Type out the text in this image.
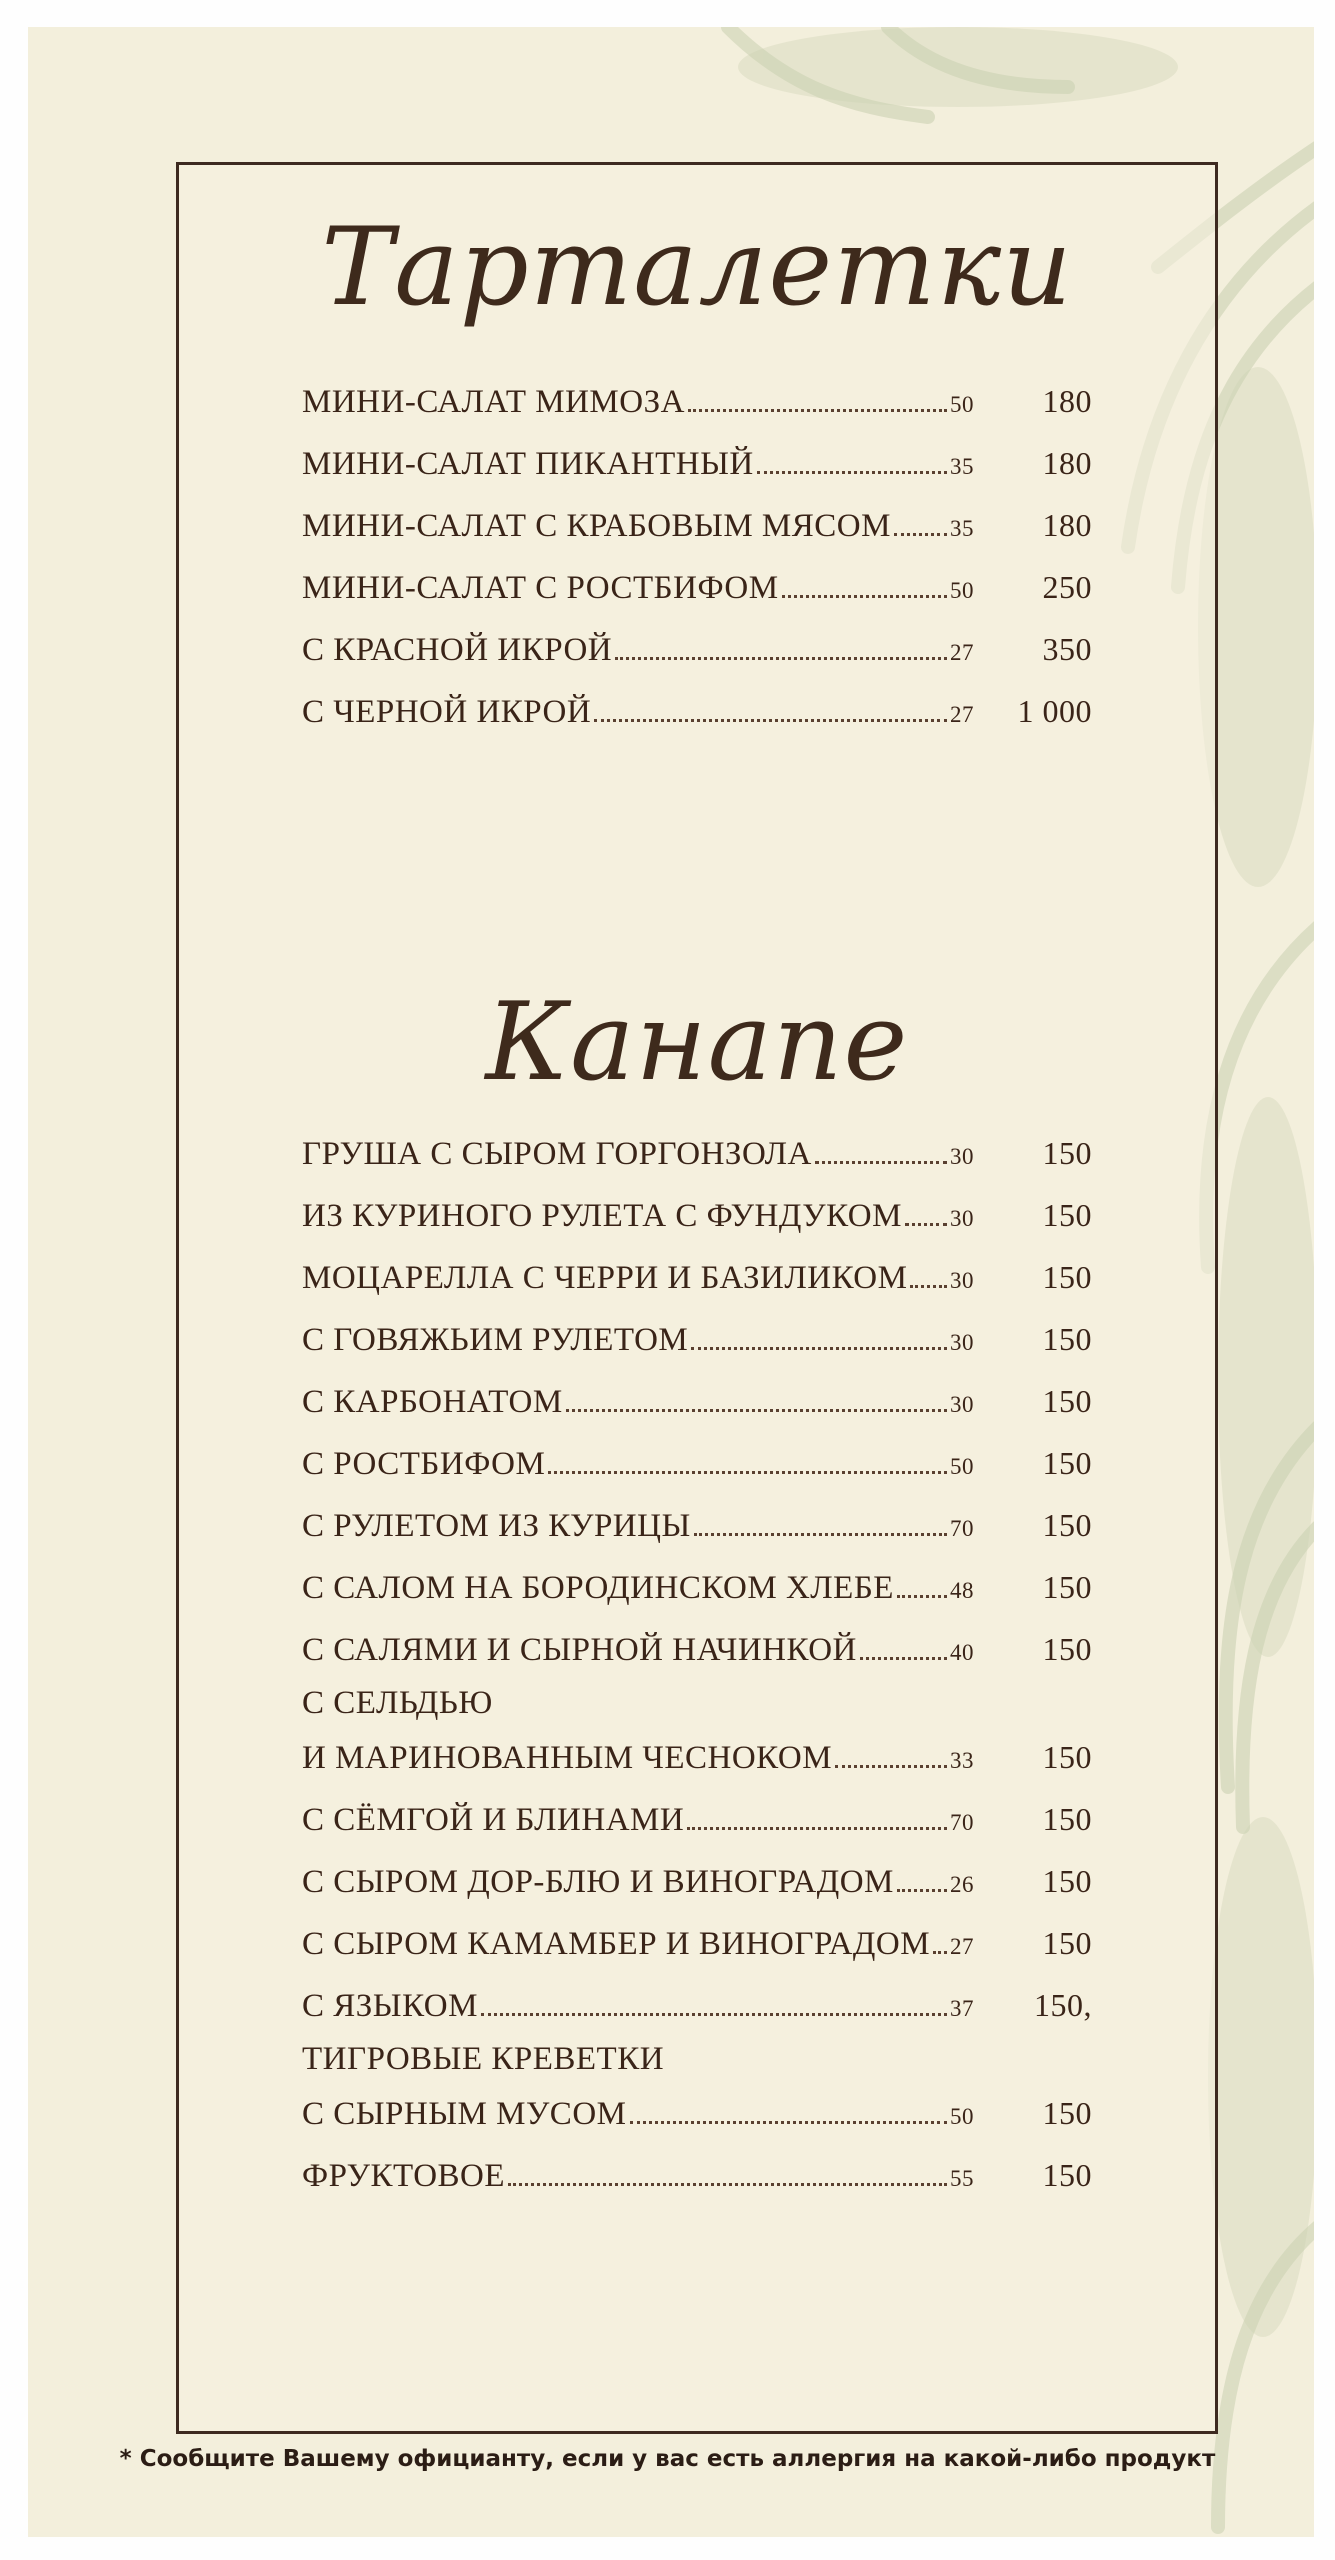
Тарталетки
МИНИ-САЛАТ МИМОЗА	50	180
МИНИ-САЛАТ ПИКАНТНЫЙ	35	180
МИНИ-САЛАТ С КРАБОВЫМ МЯСОМ	35	180
МИНИ-САЛАТ С РОСТБИФОМ	50	250
С КРАСНОЙ ИКРОЙ	27	350
С ЧЕРНОЙ ИКРОЙ	27	1 000
Канапе
ГРУША С СЫРОМ ГОРГОНЗОЛА	30	150
ИЗ КУРИНОГО РУЛЕТА С ФУНДУКОМ 30	150
МОЦАРЕЛЛА С ЧЕРРИ И БАЗИЛИКОМ 30	150
С ГОВЯЖЬИМ РУЛЕТОМ	30	150
С КАРБОНАТОМ	30	150
С РОСТБИФОМ	50	150
С РУЛЕТОМ ИЗ КУРИЦЫ	70	150
С САЛОМ НА БОРОДИНСКОМ ХЛЕБЕ 48	150
С САЛЯМИ И СЫРНОЙ НАЧИНКОЙ	40	150
С СЕЛЬДЬЮ
И МАРИНОВАННЫМ ЧЕСНОКОМ	33	150
С СЁМГОЙ И БЛИНАМИ	70	150
С СЫРОМ ДОР-БЛЮ И ВИНОГРАДОМ 26	150
С СЫРОМ КАМАМБЕР И ВИНОГРАДОМ 27	150
С ЯЗЫКОМ	37	150,
ТИГРОВЫЕ КРЕВЕТКИ
С СЫРНЫМ МУСОМ	50	150
ФРУКТОВОЕ	55	150
* Сообщите Вашему официанту, если у вас есть аллергия на какой-либо продукт
